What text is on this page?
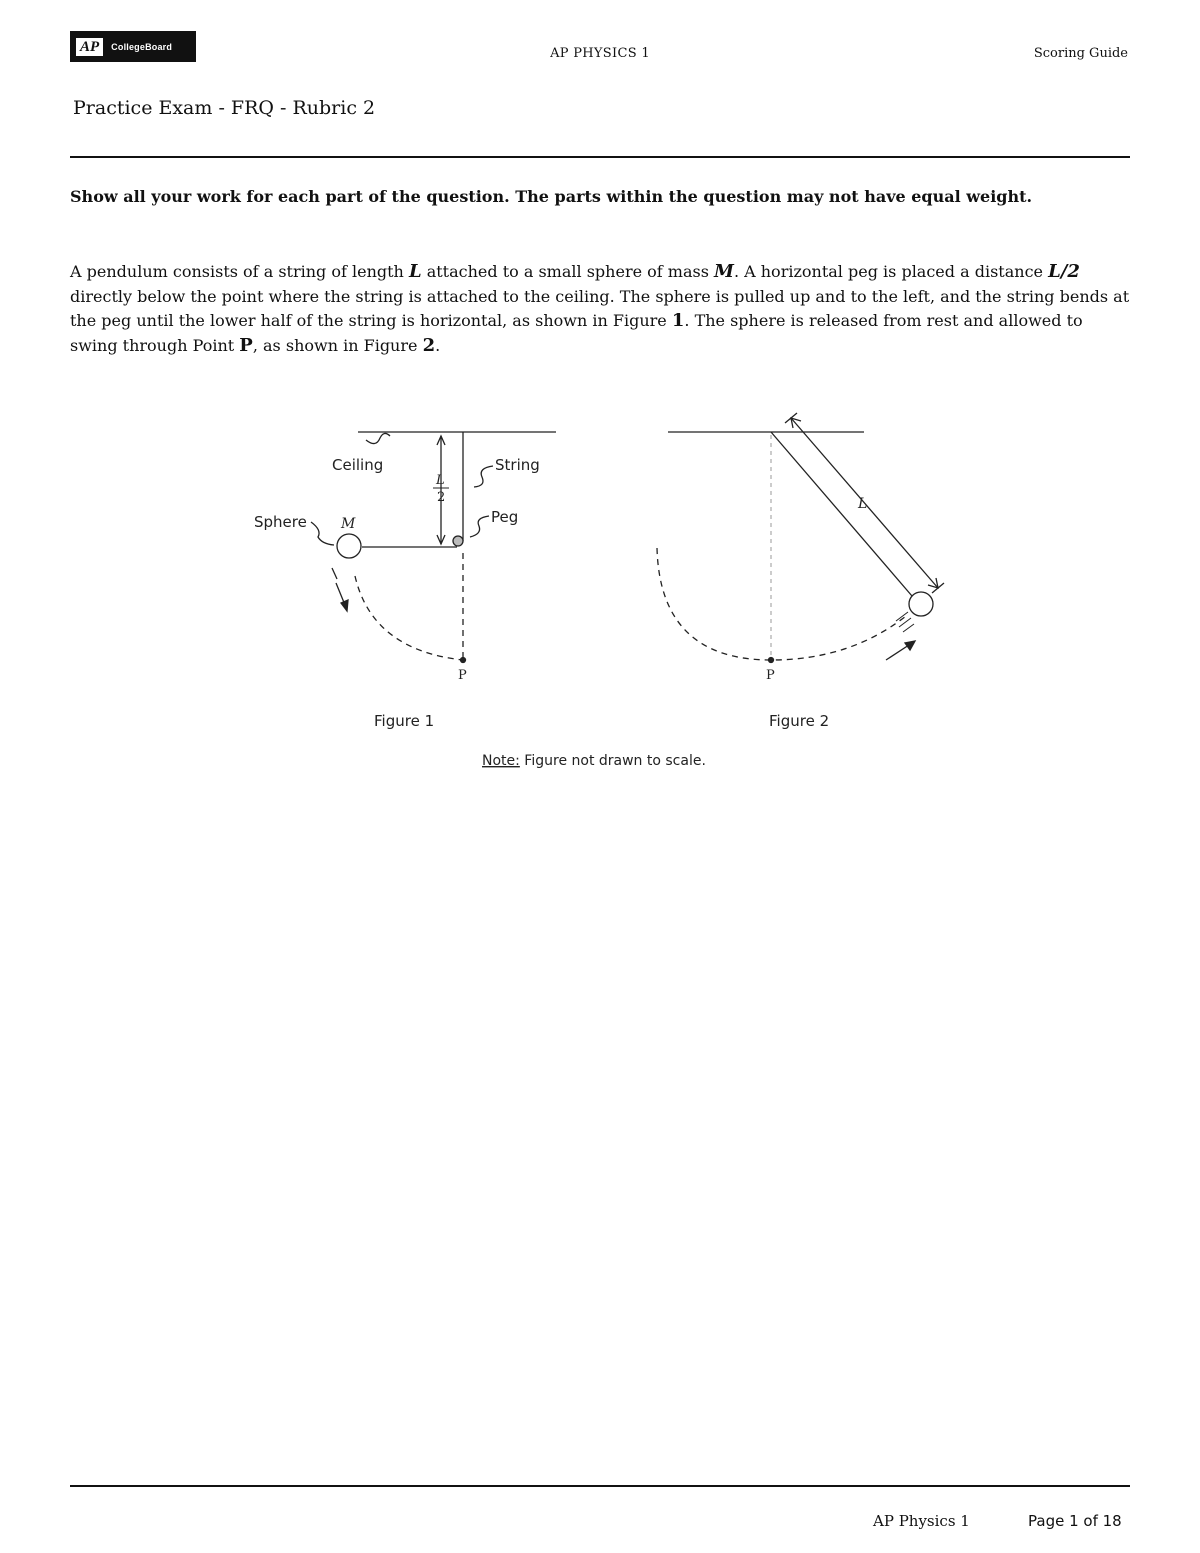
AP	CollegeBoard	AP PHYSICS 1	Scoring Guide
Practice Exam - FRQ - Rubric 2
Show all your work for each part of the question. The parts within the question may not have equal weight.
A pendulum consists of a string of length L attached to a small sphere of mass M. A horizontal peg is placed a distance L/2 directly below the point where the string is attached to the ceiling. The sphere is pulled up and to the left, and the string bends at the peg until the lower half of the string is horizontal, as shown in Figure 1. The sphere is released from rest and allowed to swing through Point P, as shown in Figure 2.
Ceiling	String
Peg
Sphere M
L
2
P
Figure 1
L
P
Figure 2
Note: Figure not drawn to scale.
AP Physics 1	Page 1 of 18
